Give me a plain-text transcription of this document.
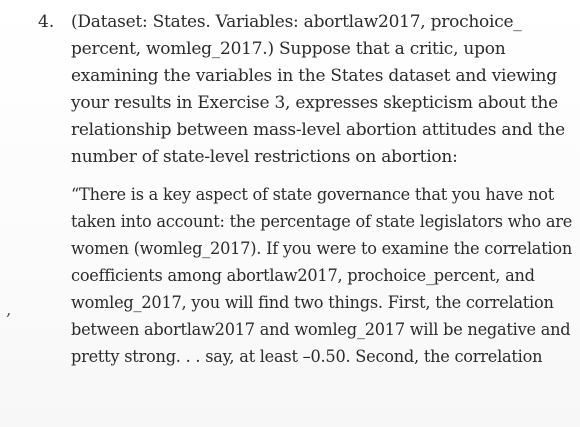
4. (Dataset: States. Variables: abortlaw2017, prochoice_
percent, womleg_2017.) Suppose that a critic, upon
examining the variables in the States dataset and viewing
your results in Exercise 3, expresses skepticism about the
relationship between mass-level abortion attitudes and the
number of state-level restrictions on abortion:

“There is a key aspect of state governance that you have not
taken into account: the percentage of state legislators who are
women (womleg_2017). If you were to examine the correlation
coefficients among abortlaw2017, prochoice_percent, and
womleg_2017, you will find two things. First, the correlation
between abortlaw2017 and womleg_2017 will be negative and
pretty strong. . . say, at least –0.50. Second, the correlation

,
